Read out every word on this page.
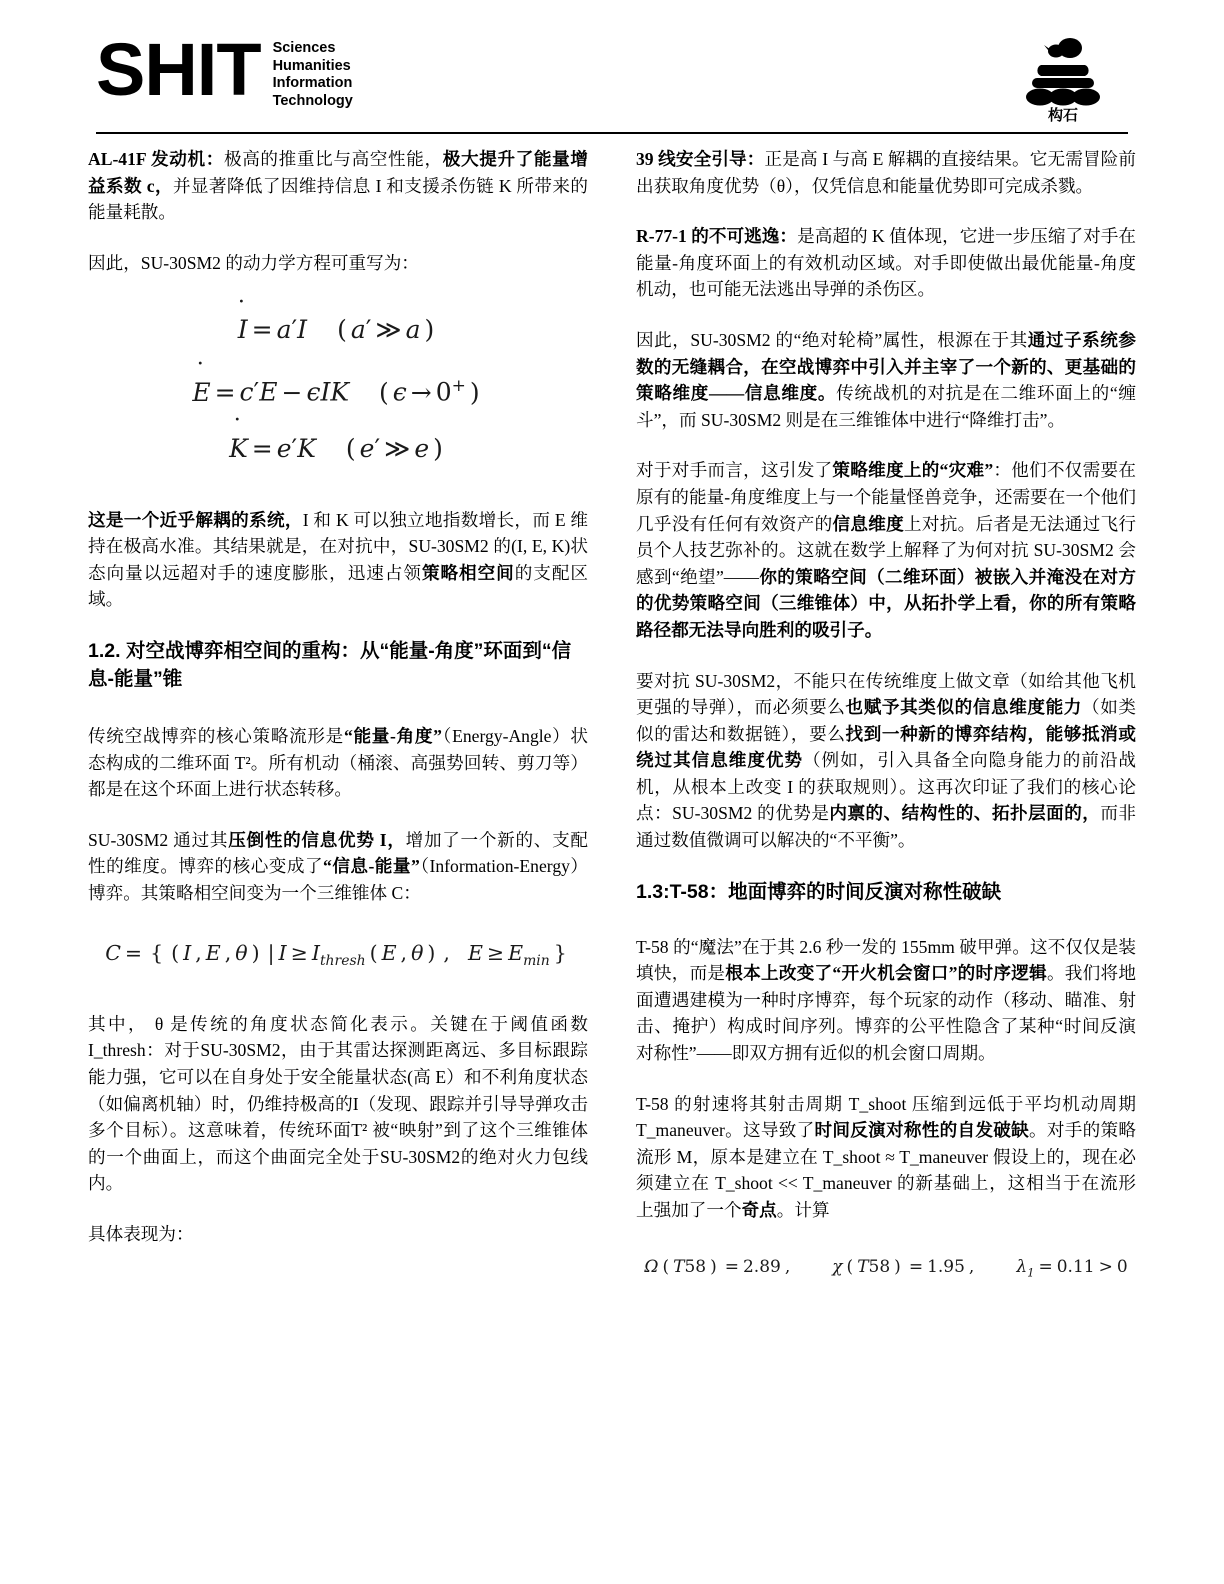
SHIT Sciences
Humanities
Information
Technology
构石

AL-41F 发动机：极高的推重比与高空性能，极大提升了能量增益系数 c，并显著降低了因维持信息 I 和支援杀伤链 K 所带来的能量耗散。

因此，SU-30SM2 的动力学方程可重写为：

I ˙ = a′I ( a′ ≫ a )
E ˙ = c′E − ϵIK ( ϵ → 0+ )
K ˙ = e′K ( e′ ≫ e )

这是一个近乎解耦的系统，I 和 K 可以独立地指数增长，而 E 维持在极高水准。其结果就是，在对抗中，SU-30SM2 的(I, E, K)状态向量以远超对手的速度膨胀，迅速占领策略相空间的支配区域。

1.2. 对空战博弈相空间的重构：从“能量-角度”环面到“信息-能量”锥

传统空战博弈的核心策略流形是“能量-角度”（Energy-Angle）状态构成的二维环面 T²。所有机动（桶滚、高强势回转、剪刀等）都是在这个环面上进行状态转移。

SU-30SM2 通过其压倒性的信息优势 I，增加了一个新的、支配性的维度。博弈的核心变成了“信息-能量”（Information-Energy）博弈。其策略相空间变为一个三维锥体 C：

C = { ( I , E , θ ) | $I \ge I_{thresh}$ ( E , θ ) , $E \ge E_{min}$ }

其中， θ 是传统的角度状态简化表示。关键在于阈值函数I_thresh：对于SU-30SM2，由于其雷达探测距离远、多目标跟踪能力强，它可以在自身处于安全能量状态(高 E）和不利角度状态（如偏离机轴）时，仍维持极高的I（发现、跟踪并引导导弹攻击多个目标）。这意味着，传统环面T² 被“映射”到了这个三维锥体的一个曲面上，而这个曲面完全处于SU-30SM2的绝对火力包线内。

具体表现为：

39 线安全引导：正是高 I 与高 E 解耦的直接结果。它无需冒险前出获取角度优势（θ），仅凭信息和能量优势即可完成杀戮。

R-77-1 的不可逃逸：是高超的 K 值体现，它进一步压缩了对手在能量-角度环面上的有效机动区域。对手即使做出最优能量-角度机动，也可能无法逃出导弹的杀伤区。

因此，SU-30SM2 的“绝对轮椅”属性，根源在于其通过子系统参数的无缝耦合，在空战博弈中引入并主宰了一个新的、更基础的策略维度——信息维度。传统战机的对抗是在二维环面上的“缠斗”，而 SU-30SM2 则是在三维锥体中进行“降维打击”。

对于对手而言，这引发了策略维度上的“灾难”：他们不仅需要在原有的能量-角度维度上与一个能量怪兽竞争，还需要在一个他们几乎没有任何有效资产的信息维度上对抗。后者是无法通过飞行员个人技艺弥补的。这就在数学上解释了为何对抗 SU-30SM2 会感到“绝望”——你的策略空间（二维环面）被嵌入并淹没在对方的优势策略空间（三维锥体）中，从拓扑学上看，你的所有策略路径都无法导向胜利的吸引子。

要对抗 SU-30SM2，不能只在传统维度上做文章（如给其他飞机更强的导弹），而必须要么也赋予其类似的信息维度能力（如类似的雷达和数据链），要么找到一种新的博弈结构，能够抵消或绕过其信息维度优势（例如，引入具备全向隐身能力的前沿战机，从根本上改变 I 的获取规则）。这再次印证了我们的核心论点：SU-30SM2 的优势是内禀的、结构性的、拓扑层面的，而非通过数值微调可以解决的“不平衡”。

1.3:T-58：地面博弈的时间反演对称性破缺

T-58 的“魔法”在于其 2.6 秒一发的 155mm 破甲弹。这不仅仅是装填快，而是根本上改变了“开火机会窗口”的时序逻辑。我们将地面遭遇建模为一种时序博弈，每个玩家的动作（移动、瞄准、射击、掩护）构成时间序列。博弈的公平性隐含了某种“时间反演对称性”——即双方拥有近似的机会窗口周期。

T-58 的射速将其射击周期 T_shoot 压缩到远低于平均机动周期 T_maneuver。这导致了时间反演对称性的自发破缺。对手的策略流形 M，原本是建立在 T_shoot ≈ T_maneuver 假设上的，现在必须建立在 T_shoot << T_maneuver 的新基础上，这相当于在流形上强加了一个奇点。计算

Ω ( T58 ) = 2.89 , χ ( T58 ) = 1.95 , $\lambda_1 = 0.11 > 0$
